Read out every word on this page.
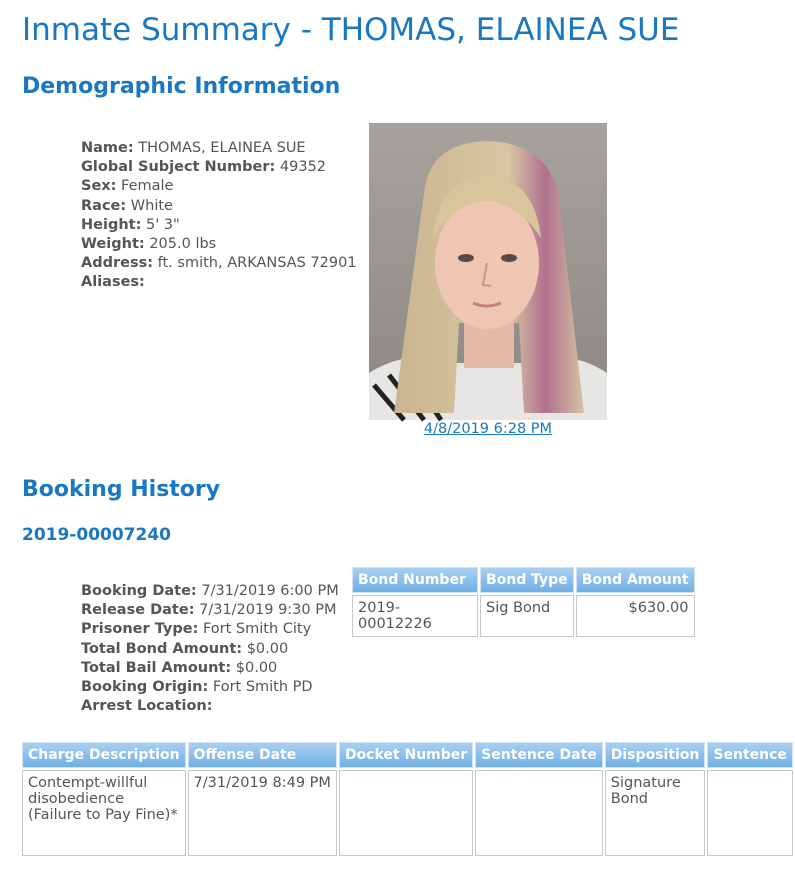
Inmate Summary - THOMAS, ELAINEA SUE
Demographic Information
Name: THOMAS, ELAINEA SUE
Global Subject Number: 49352
Sex: Female
Race: White
Height: 5' 3"
Weight: 205.0 lbs
Address: ft. smith, ARKANSAS 72901
Aliases:
4/8/2019 6:28 PM
Booking History
2019-00007240
Booking Date: 7/31/2019 6:00 PM
Release Date: 7/31/2019 9:30 PM
Prisoner Type: Fort Smith City
Total Bond Amount: $0.00
Total Bail Amount: $0.00
Booking Origin: Fort Smith PD
Arrest Location:
Bond Number	Bond Type	Bond Amount
2019-00012226	Sig Bond	$630.00
Charge Description	Offense Date	Docket Number	Sentence Date	Disposition	Sentence
Contempt-willful disobedience (Failure to Pay Fine)*	7/31/2019 8:49 PM			Signature Bond	
